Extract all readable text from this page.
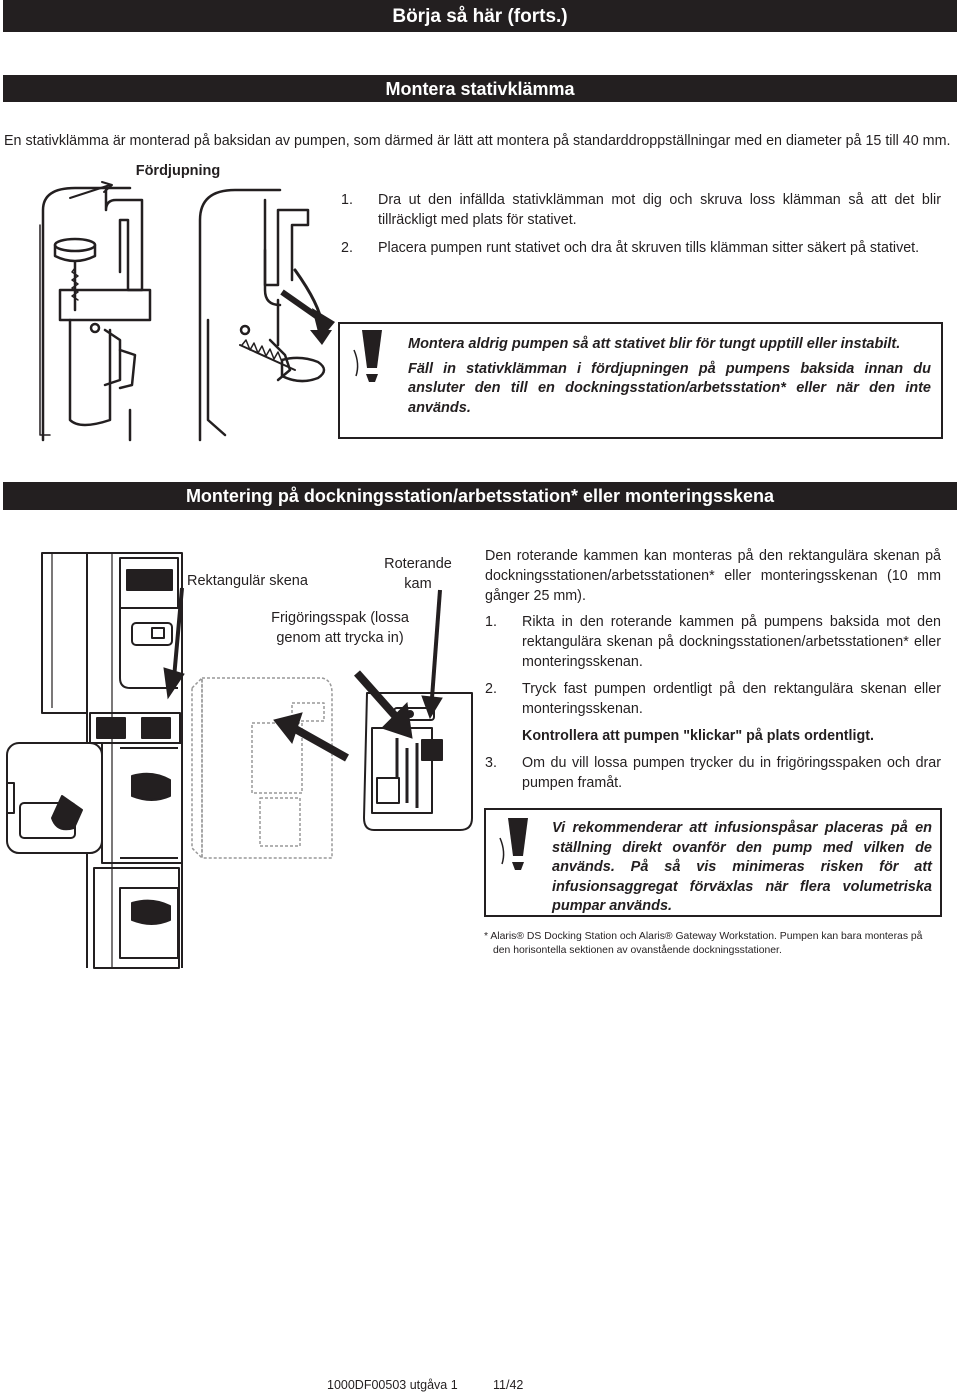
Börja så här (forts.)
Montera stativklämma
En stativklämma är monterad på baksidan av pumpen, som därmed är lätt att montera på standarddroppställningar med en diameter på 15 till 40 mm.
Fördjupning
1. Dra ut den infällda stativklämman mot dig och skruva loss klämman så att det blir tillräckligt med plats för stativet.
2. Placera pumpen runt stativet och dra åt skruven tills klämman sitter säkert på stativet.

Montera aldrig pumpen så att stativet blir för tungt upptill eller instabilt.

Fäll in stativklämman i fördjupningen på pumpens baksida innan du ansluter den till en dockningsstation/arbetsstation* eller när den inte används.

Montering på dockningsstation/arbetsstation* eller monteringsskena
Rektangulär skena
Roterande kam
Frigöringsspak (lossa genom att trycka in)

Den roterande kammen kan monteras på den rektangulära skenan på dockningsstationen/arbetsstationen* eller monteringsskenan (10 mm gånger 25 mm).

1. Rikta in den roterande kammen på pumpens baksida mot den rektangulära skenan på dockningsstationen/arbetsstationen* eller monteringsskenan.
2. Tryck fast pumpen ordentligt på den rektangulära skenan eller monteringsskenan.
Kontrollera att pumpen "klickar" på plats ordentligt.
3. Om du vill lossa pumpen trycker du in frigöringsspaken och drar pumpen framåt.

Vi rekommenderar att infusionspåsar placeras på en ställning direkt ovanför den pump med vilken de används. På så vis minimeras risken för att infusionsaggregat förväxlas när flera volumetriska pumpar används.

* Alaris® DS Docking Station och Alaris® Gateway Workstation. Pumpen kan bara monteras på
den horisontella sektionen av ovanstående dockningsstationer.
1000DF00503 utgåva 1	11/42
